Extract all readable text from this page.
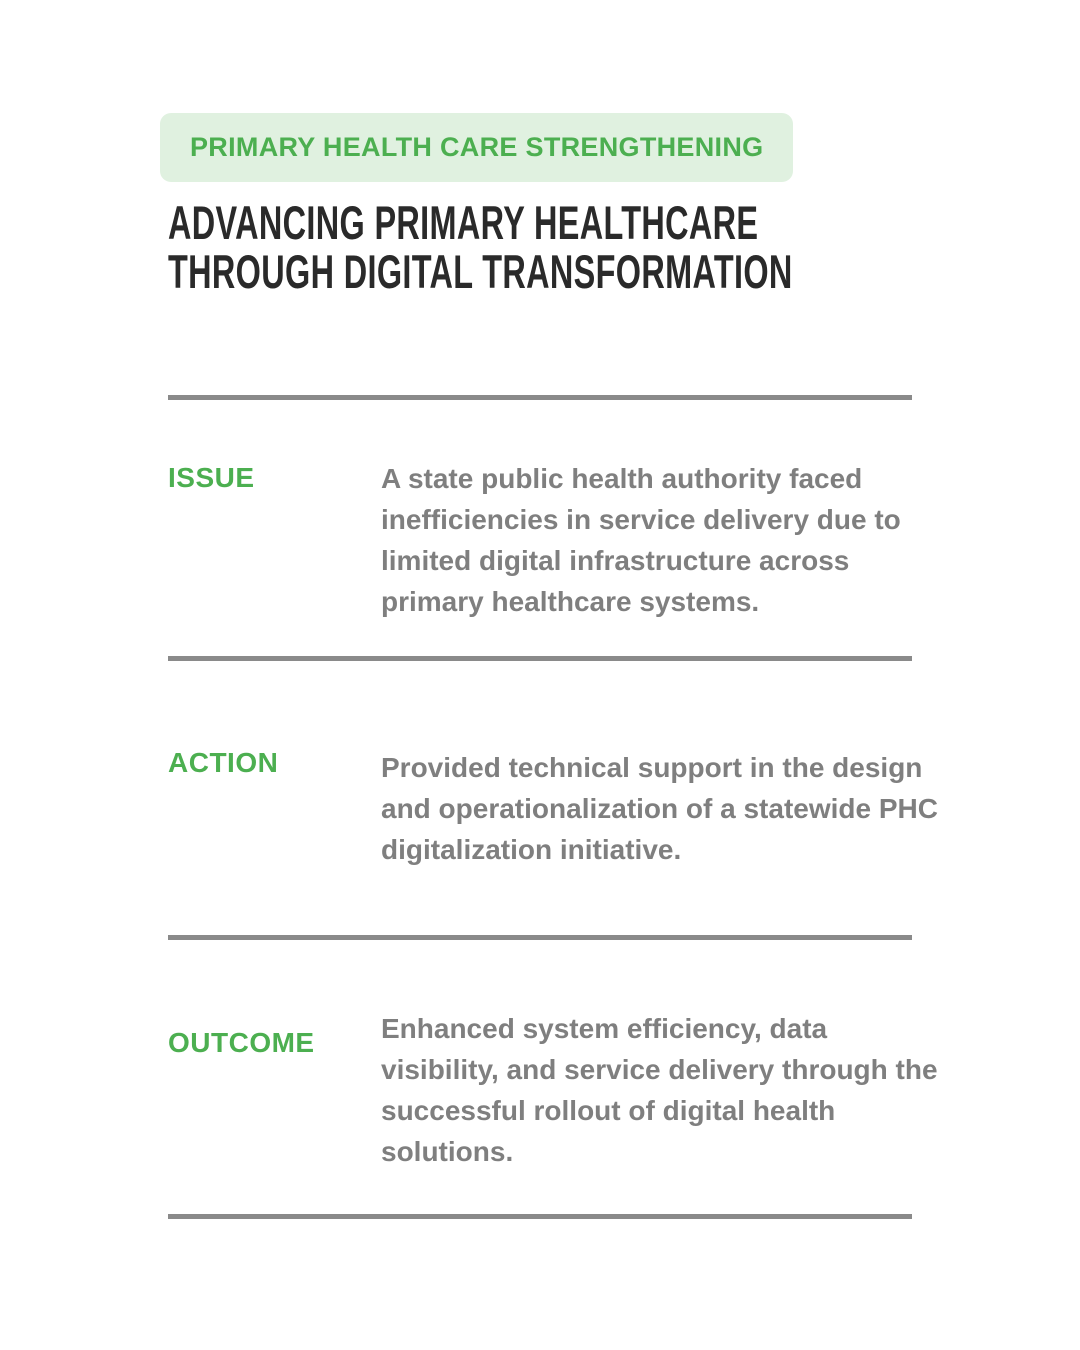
PRIMARY HEALTH CARE STRENGTHENING
ADVANCING PRIMARY HEALTHCARE
THROUGH DIGITAL TRANSFORMATION
ISSUE	A state public health authority faced
inefficiencies in service delivery due to
limited digital infrastructure across
primary healthcare systems.
ACTION	Provided technical support in the design
and operationalization of a statewide PHC
digitalization initiative.
OUTCOME	Enhanced system efficiency, data
visibility, and service delivery through the
successful rollout of digital health
solutions.
